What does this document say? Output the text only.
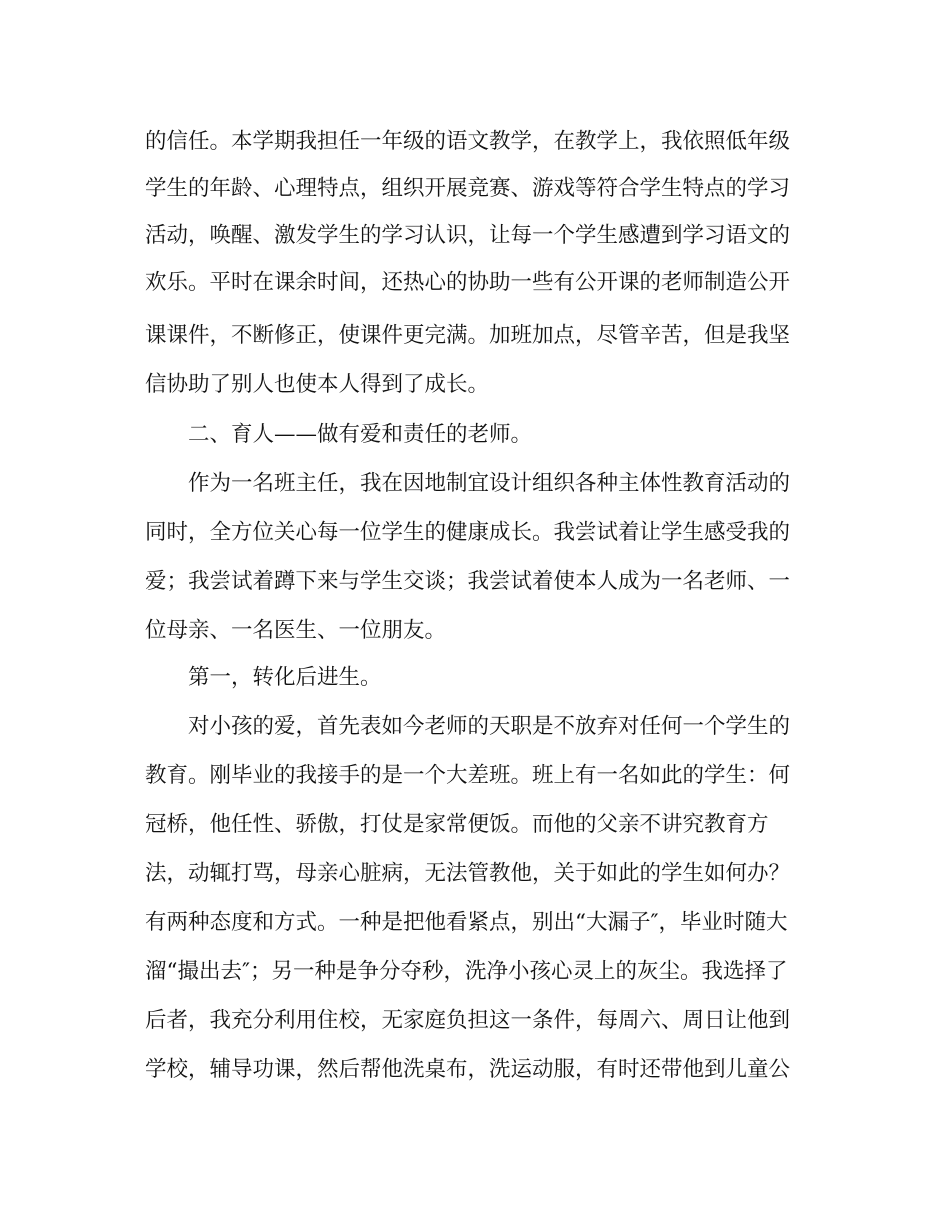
的信任。本学期我担任一年级的语文教学，在教学上，我依照低年级

学生的年龄、心理特点，组织开展竞赛、游戏等符合学生特点的学习

活动，唤醒、激发学生的学习认识，让每一个学生感遭到学习语文的

欢乐。平时在课余时间，还热心的协助一些有公开课的老师制造公开

课课件，不断修正，使课件更完满。加班加点，尽管辛苦，但是我坚

信协助了别人也使本人得到了成长。

二、育人——做有爱和责任的老师。

作为一名班主任，我在因地制宜设计组织各种主体性教育活动的

同时，全方位关心每一位学生的健康成长。我尝试着让学生感受我的

爱；我尝试着蹲下来与学生交谈；我尝试着使本人成为一名老师、一

位母亲、一名医生、一位朋友。

第一，转化后进生。

对小孩的爱，首先表如今老师的天职是不放弃对任何一个学生的

教育。刚毕业的我接手的是一个大差班。班上有一名如此的学生：何

冠桥，他任性、骄傲，打仗是家常便饭。而他的父亲不讲究教育方

法，动辄打骂，母亲心脏病，无法管教他，关于如此的学生如何办？

有两种态度和方式。一种是把他看紧点，别出“大漏子″，毕业时随大

溜“撮出去″；另一种是争分夺秒，洗净小孩心灵上的灰尘。我选择了

后者，我充分利用住校，无家庭负担这一条件，每周六、周日让他到

学校，辅导功课，然后帮他洗桌布，洗运动服，有时还带他到儿童公
